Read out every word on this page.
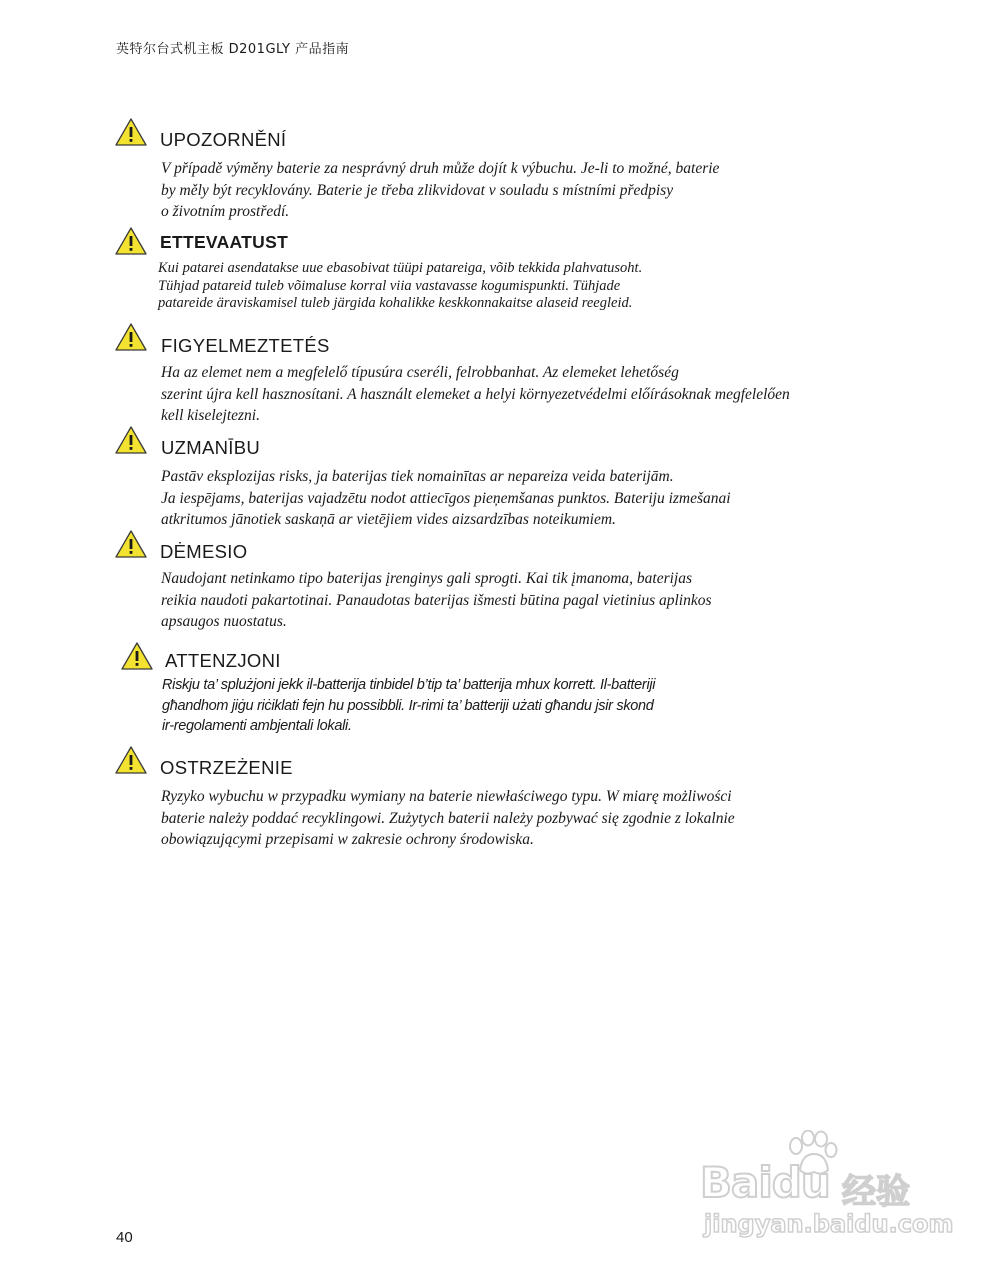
英特尔台式机主板 D201GLY 产品指南
UPOZORNĚNÍ
V případě výměny baterie za nesprávný druh může dojít k výbuchu. Je-li to možné, baterie
by měly být recyklovány. Baterie je třeba zlikvidovat v souladu s místními předpisy
o životním prostředí.
ETTEVAATUST
Kui patarei asendatakse uue ebasobivat tüüpi patareiga, võib tekkida plahvatusoht.
Tühjad patareid tuleb võimaluse korral viia vastavasse kogumispunkti. Tühjade
patareide äraviskamisel tuleb järgida kohalikke keskkonnakaitse alaseid reegleid.
FIGYELMEZTETÉS
Ha az elemet nem a megfelelő típusúra cseréli, felrobbanhat. Az elemeket lehetőség
szerint újra kell hasznosítani. A használt elemeket a helyi környezetvédelmi előírásoknak megfelelően
kell kiselejtezni.
UZMANĪBU
Pastāv eksplozijas risks, ja baterijas tiek nomainītas ar nepareiza veida baterijām.
Ja iespējams, baterijas vajadzētu nodot attiecīgos pieņemšanas punktos. Bateriju izmešanai
atkritumos jānotiek saskaņā ar vietējiem vides aizsardzības noteikumiem.
DĖMESIO
Naudojant netinkamo tipo baterijas įrenginys gali sprogti. Kai tik įmanoma, baterijas
reikia naudoti pakartotinai. Panaudotas baterijas išmesti būtina pagal vietinius aplinkos
apsaugos nuostatus.
ATTENZJONI
Riskju ta’ splużjoni jekk il-batterija tinbidel b’tip ta’ batterija mhux korrett. Il-batteriji
għandhom jiġu riċiklati fejn hu possibbli. Ir-rimi ta’ batteriji użati għandu jsir skond
ir-regolamenti ambjentali lokali.
OSTRZEŻENIE
Ryzyko wybuchu w przypadku wymiany na baterie niewłaściwego typu. W miarę możliwości
baterie należy poddać recyklingowi. Zużytych baterii należy pozbywać się zgodnie z lokalnie
obowiązującymi przepisami w zakresie ochrony środowiska.
Baidu 经验
jingyan.baidu.com
40
